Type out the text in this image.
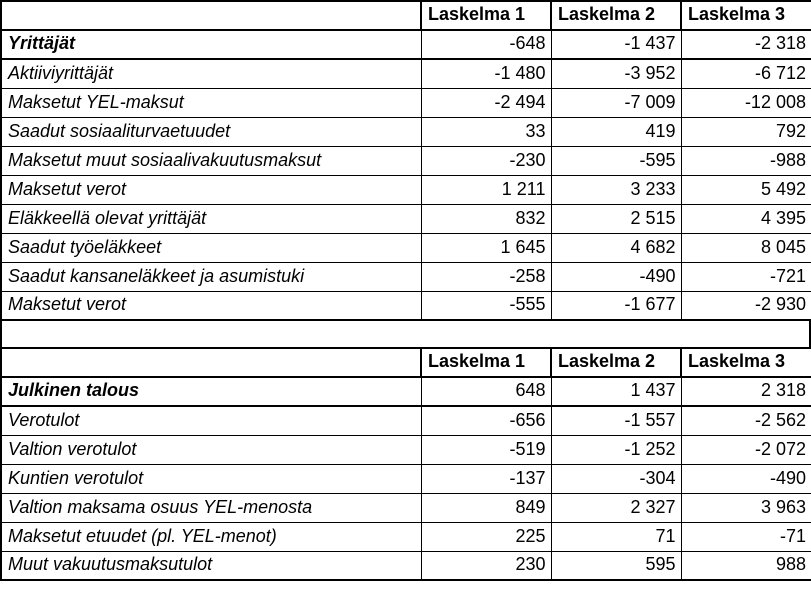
	Laskelma 1	Laskelma 2	Laskelma 3
Yrittäjät	-648	-1 437	-2 318
Aktiiviyrittäjät	-1 480	-3 952	-6 712
Maksetut YEL-maksut	-2 494	-7 009	-12 008
Saadut sosiaaliturvaetuudet	33	419	792
Maksetut muut sosiaalivakuutusmaksut	-230	-595	-988
Maksetut verot	1 211	3 233	5 492
Eläkkeellä olevat yrittäjät	832	2 515	4 395
Saadut työeläkkeet	1 645	4 682	8 045
Saadut kansaneläkkeet ja asumistuki	-258	-490	-721
Maksetut verot	-555	-1 677	-2 930
	Laskelma 1	Laskelma 2	Laskelma 3
Julkinen talous	648	1 437	2 318
Verotulot	-656	-1 557	-2 562
Valtion verotulot	-519	-1 252	-2 072
Kuntien verotulot	-137	-304	-490
Valtion maksama osuus YEL-menosta	849	2 327	3 963
Maksetut etuudet (pl. YEL-menot)	225	71	-71
Muut vakuutusmaksutulot	230	595	988
